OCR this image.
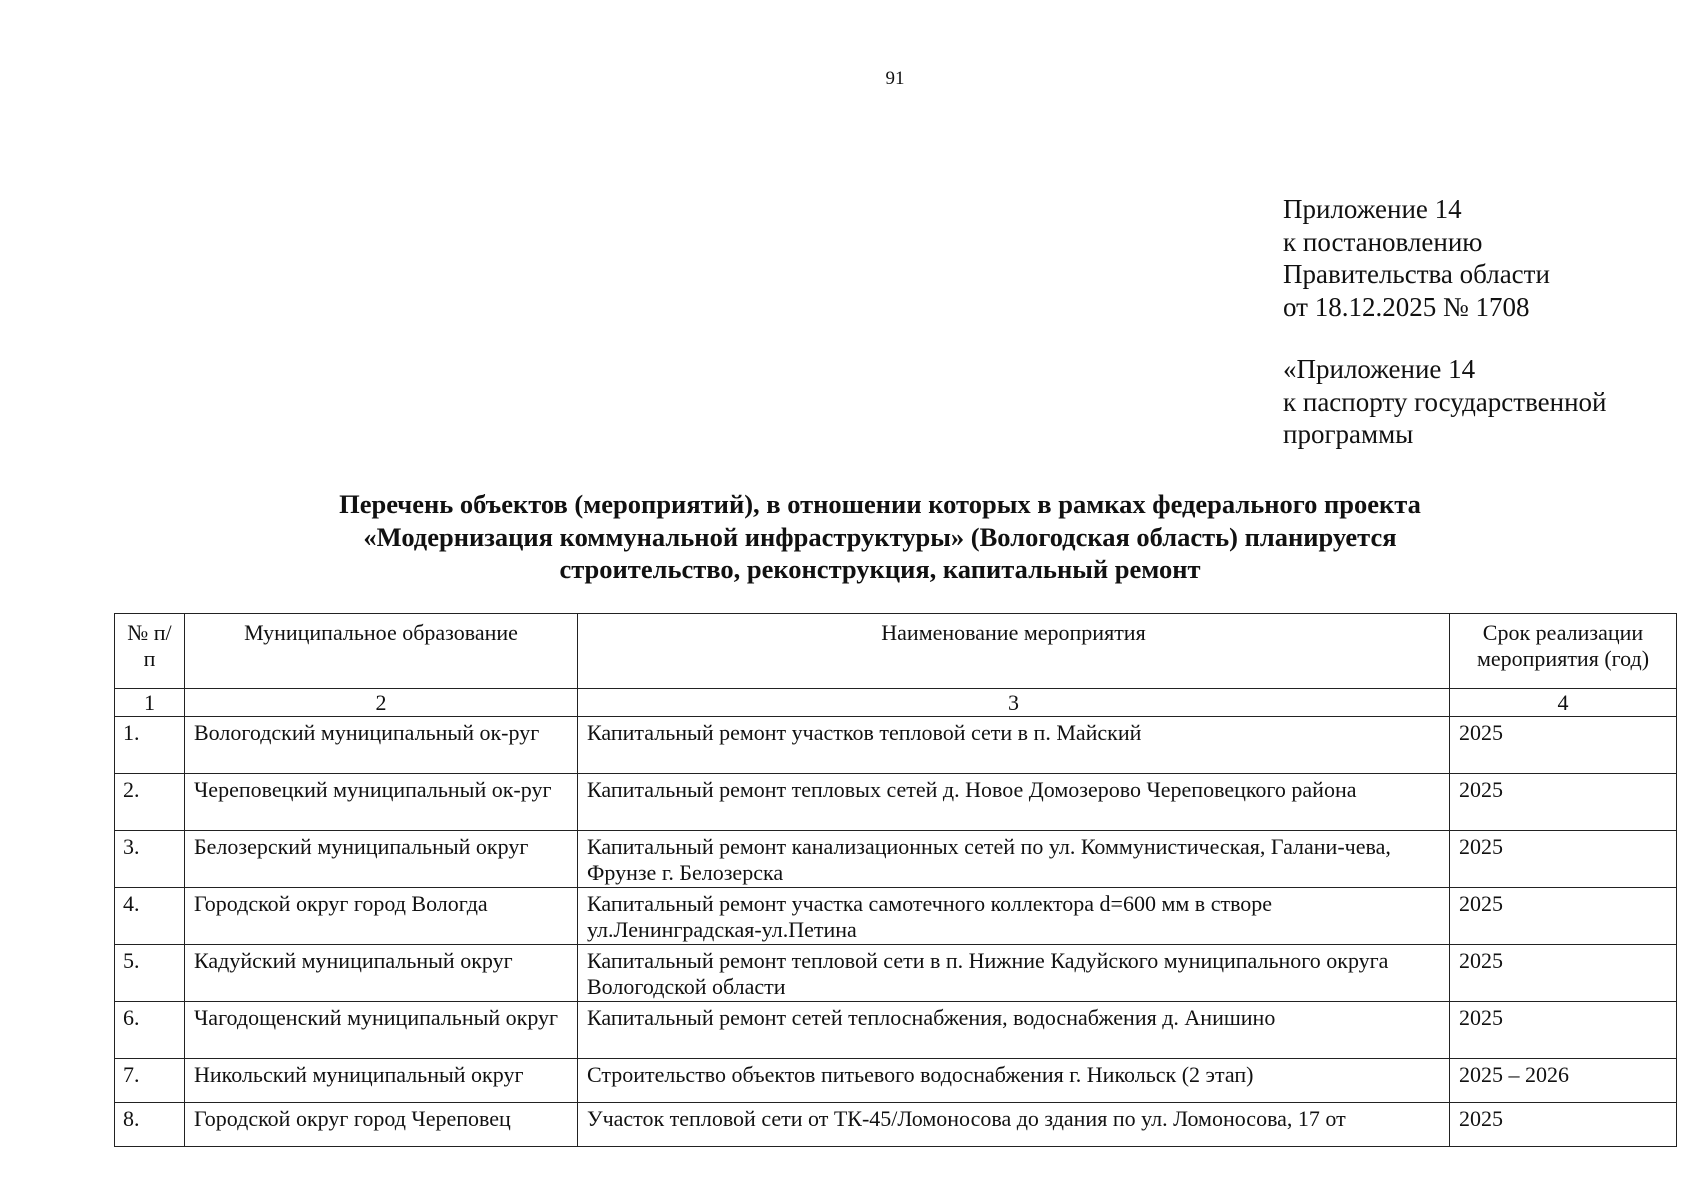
91
Приложение 14
к постановлению
Правительства области
от 18.12.2025 № 1708
«Приложение 14
к паспорту государственной
программы
Перечень объектов (мероприятий), в отношении которых в рамках федерального проекта
«Модернизация коммунальной инфраструктуры» (Вологодская область) планируется
строительство, реконструкция, капитальный ремонт
№ п/п	Муниципальное образование	Наименование мероприятия	Срок реализации мероприятия (год)
1	2	3	4
1.	Вологодский муниципальный ок-руг	Капитальный ремонт участков тепловой сети в п. Майский	2025
2.	Череповецкий муниципальный ок-руг	Капитальный ремонт тепловых сетей д. Новое Домозерово Череповецкого района	2025
3.	Белозерский муниципальный округ	Капитальный ремонт канализационных сетей по ул. Коммунистическая, Галани-чева, Фрунзе г. Белозерска	2025
4.	Городской округ город Вологда	Капитальный ремонт участка самотечного коллектора d=600 мм в створе ул.Ленинградская-ул.Петина	2025
5.	Кадуйский муниципальный округ	Капитальный ремонт тепловой сети в п. Нижние Кадуйского муниципального округа Вологодской области	2025
6.	Чагодощенский муниципальный округ	Капитальный ремонт сетей теплоснабжения, водоснабжения д. Анишино	2025
7.	Никольский муниципальный округ	Строительство объектов питьевого водоснабжения г. Никольск (2 этап)	2025 – 2026
8.	Городской округ город Череповец	Участок тепловой сети от ТК-45/Ломоносова до здания по ул. Ломоносова, 17 от	2025
